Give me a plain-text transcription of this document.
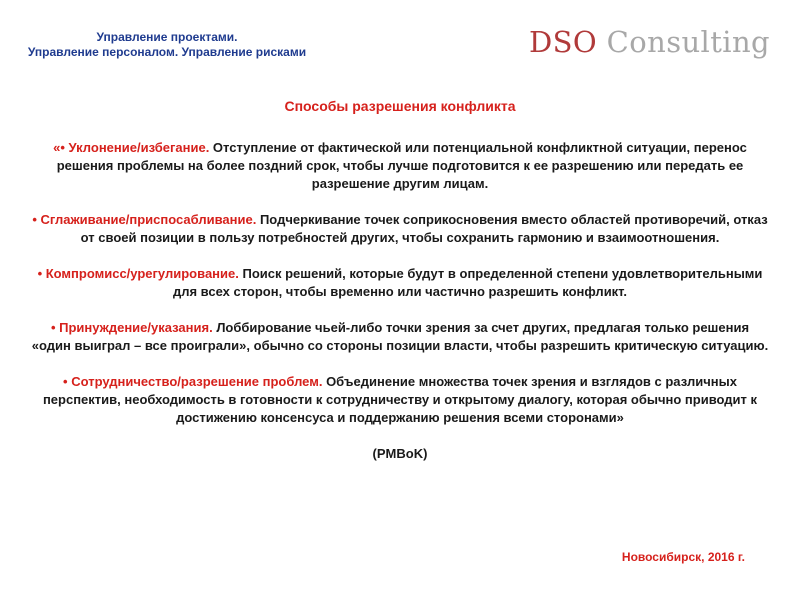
Управление проектами.
Управление персоналом. Управление рисками	DSO Consulting
Способы разрешения конфликта

«• Уклонение/избегание. Отступление от фактической или потенциальной конфликтной ситуации, перенос решения проблемы на более поздний срок, чтобы лучше подготовится к ее разрешению или передать ее разрешение другим лицам.

• Сглаживание/приспосабливание. Подчеркивание точек соприкосновения вместо областей противоречий, отказ от своей позиции в пользу потребностей других, чтобы сохранить гармонию и взаимоотношения.

• Компромисс/урегулирование. Поиск решений, которые будут в определенной степени удовлетворительными для всех сторон, чтобы временно или частично разрешить конфликт.

• Принуждение/указания. Лоббирование чьей-либо точки зрения за счет других, предлагая только решения «один выиграл – все проиграли», обычно со стороны позиции власти, чтобы разрешить критическую ситуацию.

• Сотрудничество/разрешение проблем. Объединение множества точек зрения и взглядов с различных перспектив, необходимость в готовности к сотрудничеству и открытому диалогу, которая обычно приводит к достижению консенсуса и поддержанию решения всеми сторонами»

(PMBoK)

Новосибирск, 2016 г.
